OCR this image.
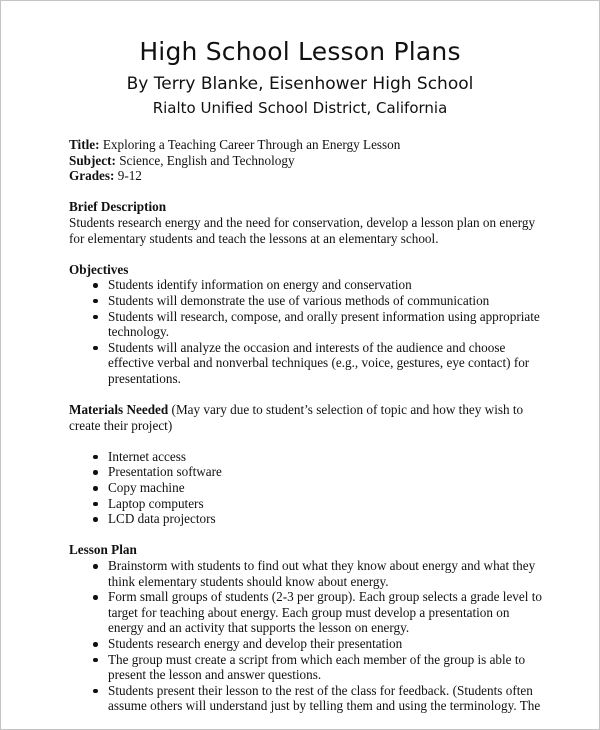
High School Lesson Plans
By Terry Blanke, Eisenhower High School
Rialto Unified School District, California
Title: Exploring a Teaching Career Through an Energy Lesson
Subject: Science, English and Technology
Grades: 9-12
Brief Description
Students research energy and the need for conservation, develop a lesson plan on energy
for elementary students and teach the lessons at an elementary school.
Objectives
Students identify information on energy and conservation
Students will demonstrate the use of various methods of communication
Students will research, compose, and orally present information using appropriate
technology.
Students will analyze the occasion and interests of the audience and choose
effective verbal and nonverbal techniques (e.g., voice, gestures, eye contact) for
presentations.
Materials Needed (May vary due to student’s selection of topic and how they wish to
create their project)
Internet access
Presentation software
Copy machine
Laptop computers
LCD data projectors
Lesson Plan
Brainstorm with students to find out what they know about energy and what they
think elementary students should know about energy.
Form small groups of students (2-3 per group). Each group selects a grade level to
target for teaching about energy. Each group must develop a presentation on
energy and an activity that supports the lesson on energy.
Students research energy and develop their presentation
The group must create a script from which each member of the group is able to
present the lesson and answer questions.
Students present their lesson to the rest of the class for feedback. (Students often
assume others will understand just by telling them and using the terminology. The
